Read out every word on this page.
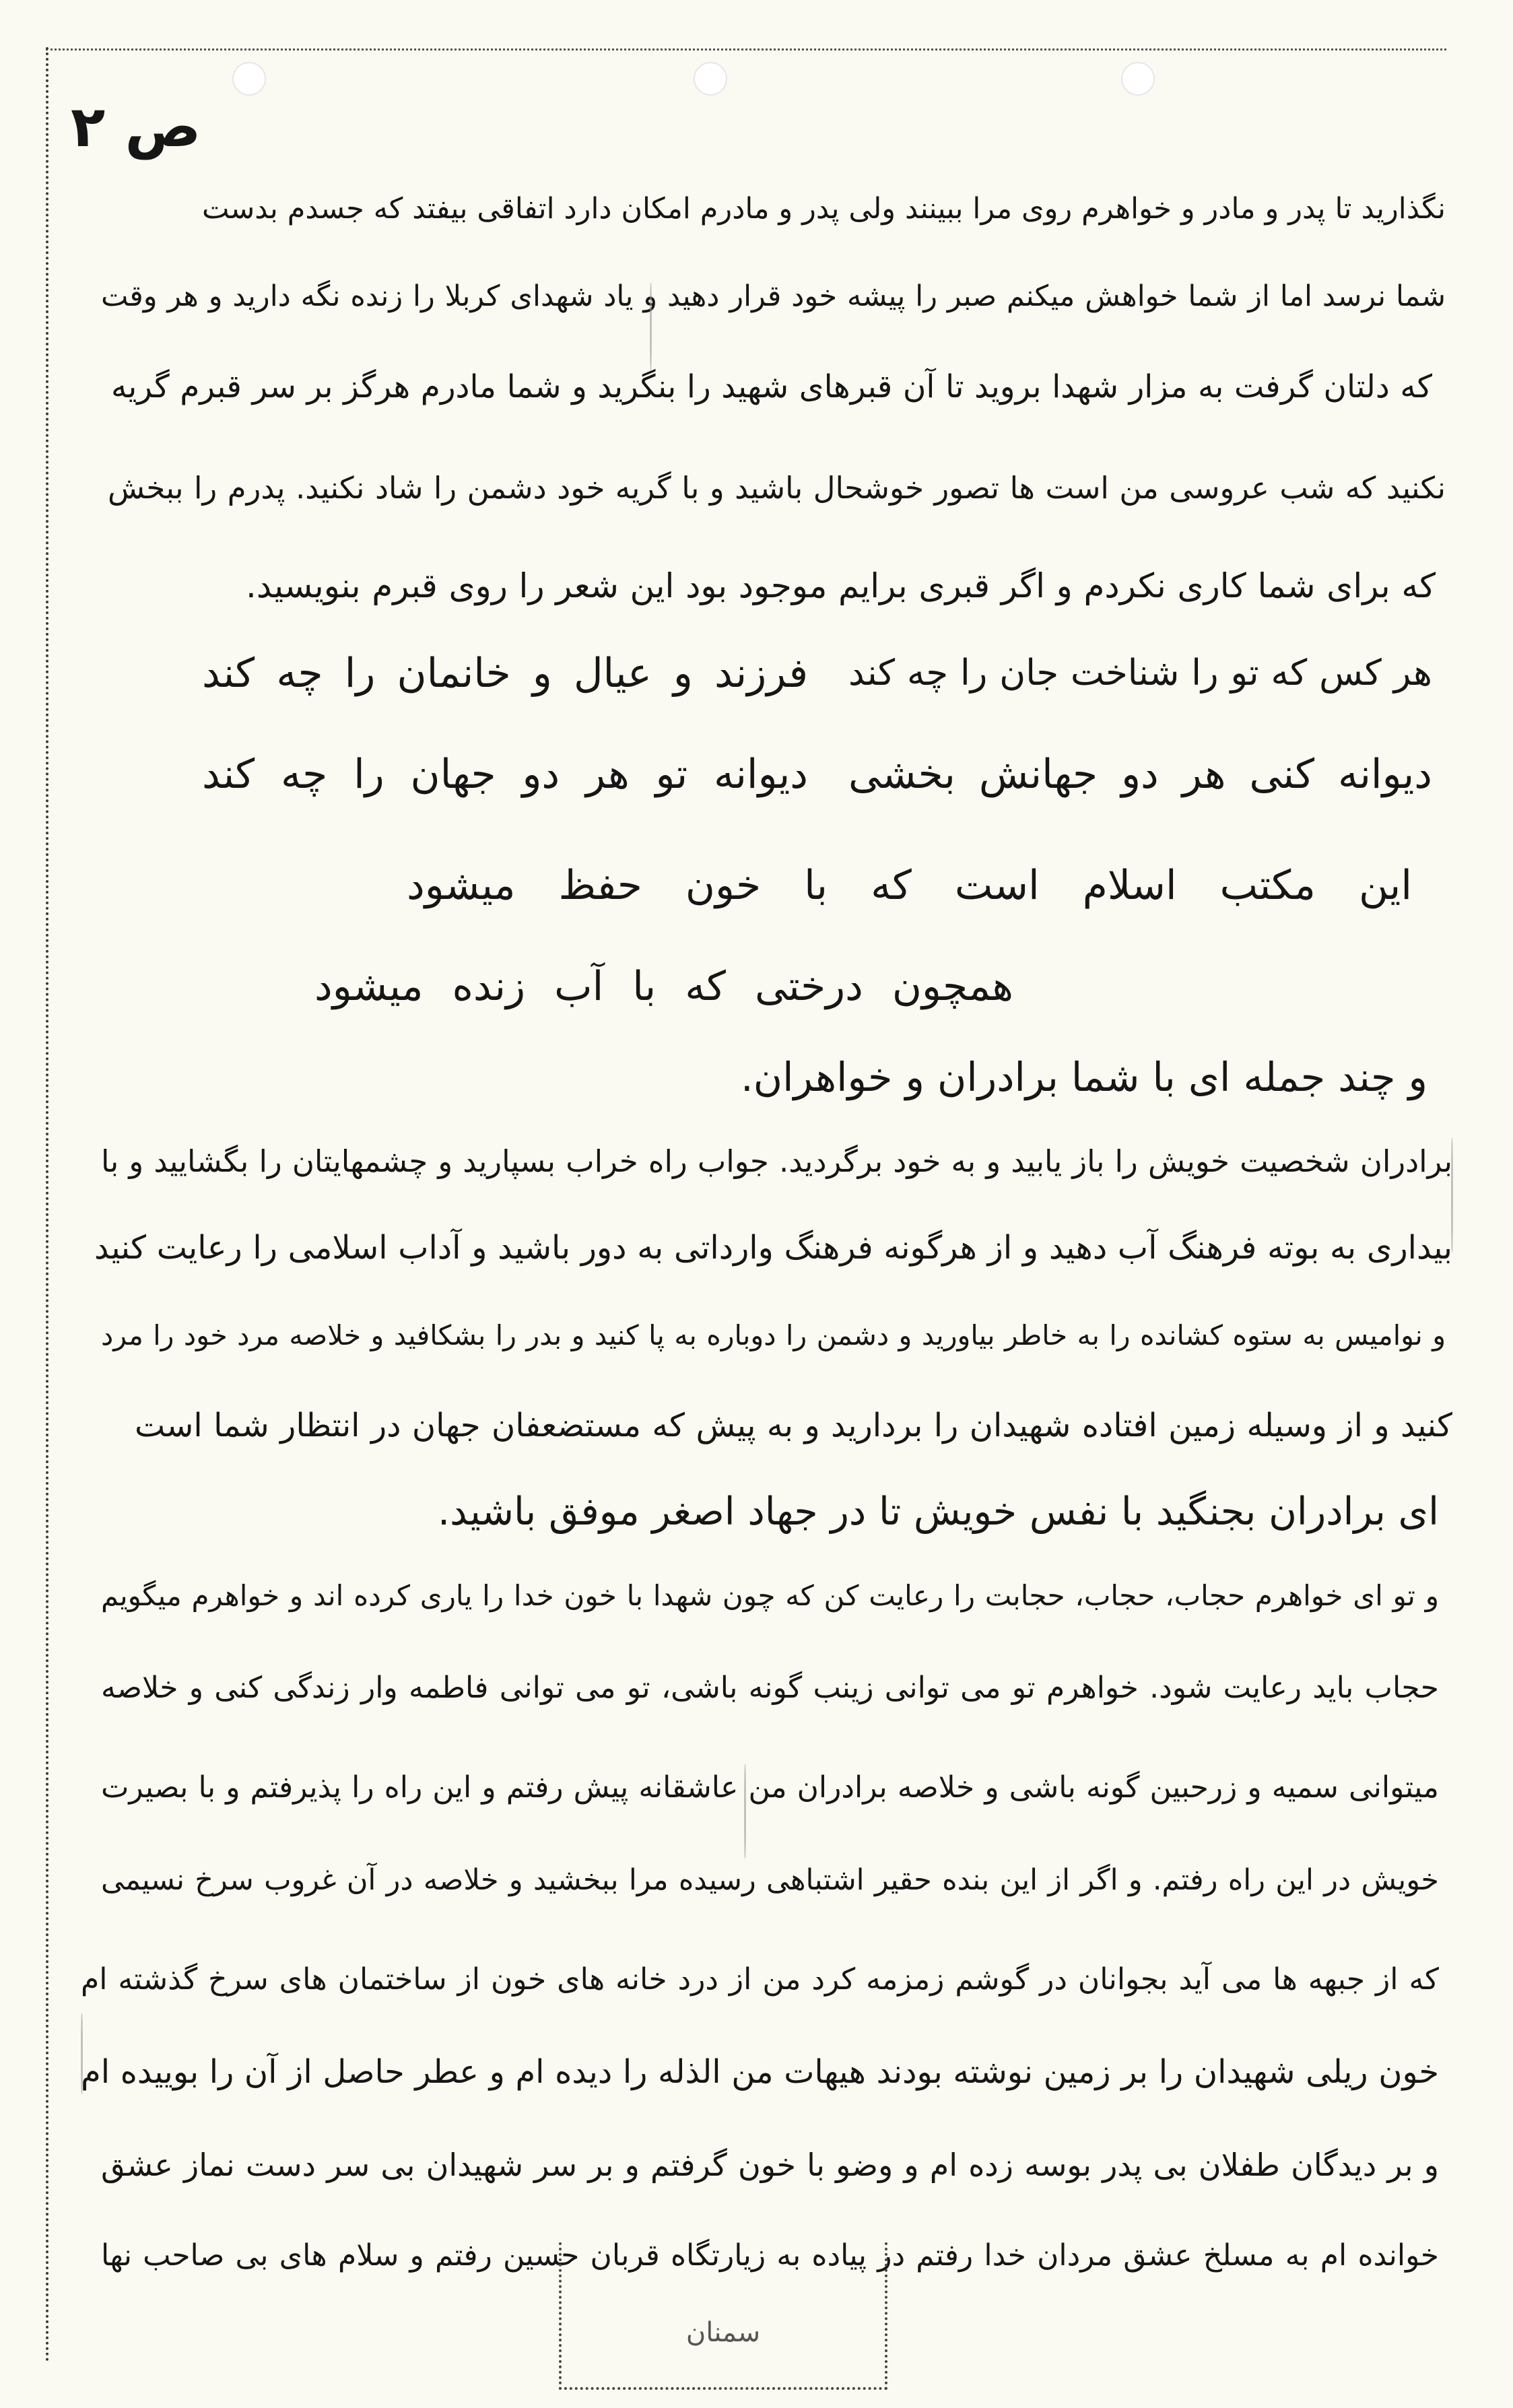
ص ۲
نگذارید تا پدر و مادر و خواهرم روی مرا ببینند ولی پدر و مادرم امکان دارد اتفاقی بیفتد که جسدم بدست
شما نرسد اما از شما خواهش میکنم صبر را پیشه خود قرار دهید و یاد شهدای کربلا را زنده نگه دارید و هر وقت
که دلتان گرفت به مزار شهدا بروید تا آن قبرهای شهید را بنگرید و شما مادرم هرگز بر سر قبرم گریه
نکنید که شب عروسی من است ها تصور خوشحال باشید و با گریه خود دشمن را شاد نکنید. پدرم را ببخش
که برای شما کاری نکردم و اگر قبری برایم موجود بود این شعر را روی قبرم بنویسید.
هر کس که تو را شناخت جان را چه کند
فرزند و عیال و خانمان را چه کند
دیوانه کنی هر دو جهانش بخشی
دیوانه تو هر دو جهان را چه کند
این مکتب اسلام است که با خون حفظ میشود
همچون درختی که با آب زنده میشود
و چند جمله ای با شما برادران و خواهران.
برادران شخصیت خویش را باز یابید و به خود برگردید. جواب راه خراب بسپارید و چشمهایتان را بگشایید و با
بیداری به بوته فرهنگ آب دهید و از هرگونه فرهنگ وارداتی به دور باشید و آداب اسلامی را رعایت کنید
و نوامیس به ستوه کشانده را به خاطر بیاورید و دشمن را دوباره به پا کنید و بدر را بشکافید و خلاصه مرد خود را مرد
کنید و از وسیله زمین افتاده شهیدان را بردارید و به پیش که مستضعفان جهان در انتظار شما است
ای برادران بجنگید با نفس خویش تا در جهاد اصغر موفق باشید.
و تو ای خواهرم حجاب، حجاب، حجابت را رعایت کن که چون شهدا با خون خدا را یاری کرده اند و خواهرم میگویم
حجاب باید رعایت شود. خواهرم تو می توانی زینب گونه باشی، تو می توانی فاطمه وار زندگی کنی و خلاصه
میتوانی سمیه و زرحبین گونه باشی و خلاصه برادران من عاشقانه پیش رفتم و این راه را پذیرفتم و با بصیرت
خویش در این راه رفتم. و اگر از این بنده حقیر اشتباهی رسیده مرا ببخشید و خلاصه در آن غروب سرخ نسیمی
که از جبهه ها می آید بجوانان در گوشم زمزمه کرد من از درد خانه های خون از ساختمان های سرخ گذشته ام
خون ریلی شهیدان را بر زمین نوشته بودند هیهات من الذله را دیده ام و عطر حاصل از آن را بوییده ام
و بر دیدگان طفلان بی پدر بوسه زده ام و وضو با خون گرفتم و بر سر شهیدان بی سر دست نماز عشق
خوانده ام به مسلخ عشق مردان خدا رفتم در پیاده به زیارتگاه قربان حسین رفتم و سلام های بی صاحب نها
سمنان
